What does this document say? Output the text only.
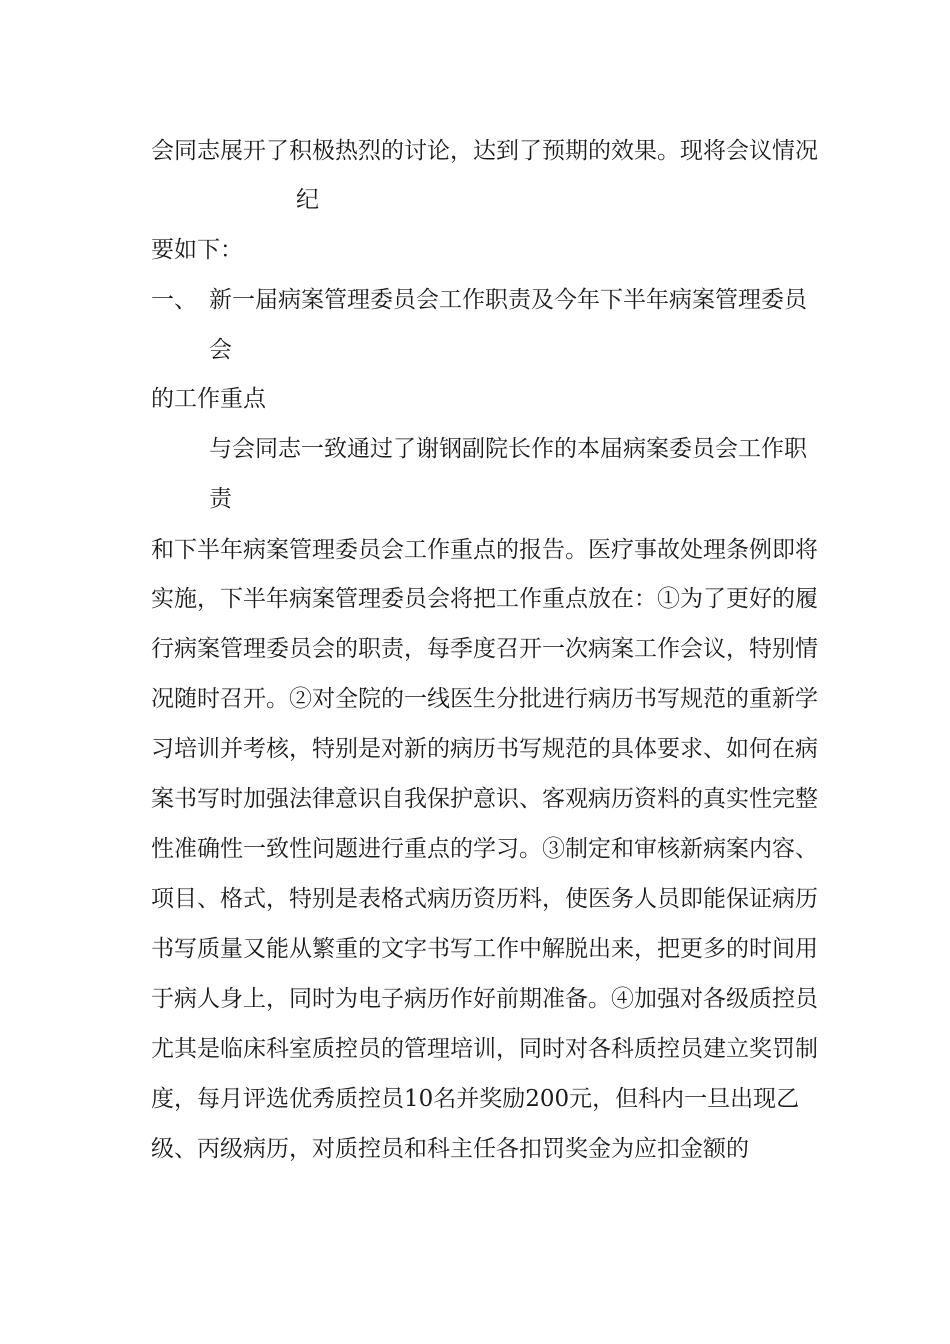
会同志展开了积极热烈的讨论，达到了预期的效果。现将会议情况
纪
要如下：
一、 新一届病案管理委员会工作职责及今年下半年病案管理委员
会
的工作重点
与会同志一致通过了谢钢副院长作的本届病案委员会工作职
责
和下半年病案管理委员会工作重点的报告。医疗事故处理条例即将
实施，下半年病案管理委员会将把工作重点放在：①为了更好的履
行病案管理委员会的职责，每季度召开一次病案工作会议，特别情
况随时召开。②对全院的一线医生分批进行病历书写规范的重新学
习培训并考核，特别是对新的病历书写规范的具体要求、如何在病
案书写时加强法律意识自我保护意识、客观病历资料的真实性完整
性准确性一致性问题进行重点的学习。③制定和审核新病案内容、
项目、格式，特别是表格式病历资历料，使医务人员即能保证病历
书写质量又能从繁重的文字书写工作中解脱出来，把更多的时间用
于病人身上，同时为电子病历作好前期准备。④加强对各级质控员
尤其是临床科室质控员的管理培训，同时对各科质控员建立奖罚制
度，每月评选优秀质控员10名并奖励200元，但科内一旦出现乙
级、丙级病历，对质控员和科主任各扣罚奖金为应扣金额的
